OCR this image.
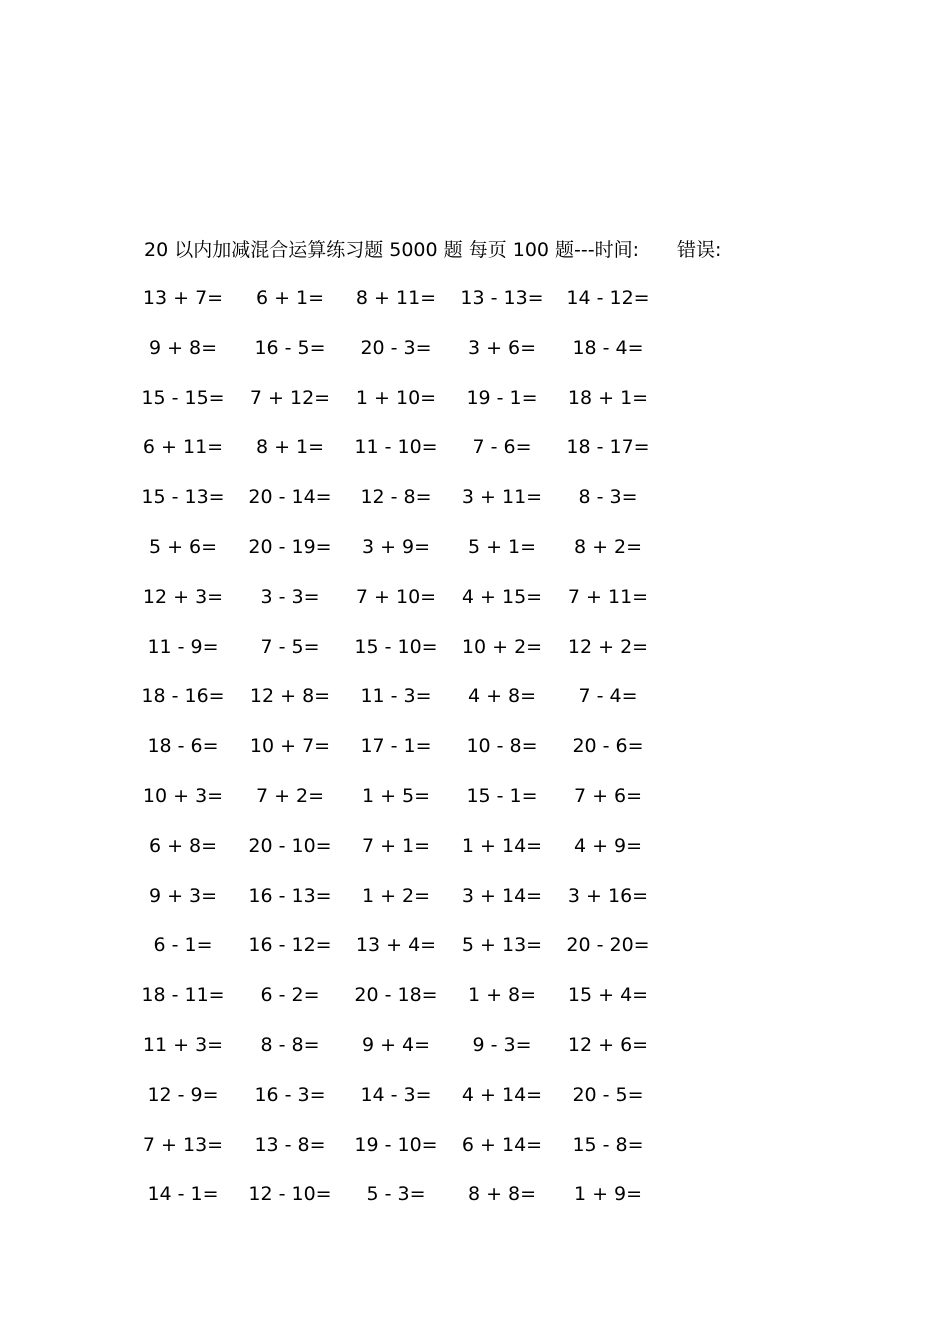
20 以内加减混合运算练习题 5000 题 每页 100 题---时间: 错误:
13 + 7=	6 + 1=	8 + 11= 13 - 13= 14 - 12=
9 + 8=	16 - 5=	20 - 3=	3 + 6=	18 - 4=
15 - 15= 7 + 12= 1 + 10=	19 - 1=	18 + 1=
6 + 11=	8 + 1=	11 - 10=	7 - 6=	18 - 17=
15 - 13= 20 - 14=	12 - 8=	3 + 11=	8 - 3=
5 + 6=	20 - 19=	3 + 9=	5 + 1=	8 + 2=
12 + 3=	3 - 3=	7 + 10= 4 + 15= 7 + 11=
11 - 9=	7 - 5=	15 - 10= 10 + 2= 12 + 2=
18 - 16= 12 + 8=	11 - 3=	4 + 8=	7 - 4=
18 - 6=	10 + 7=	17 - 1=	10 - 8=	20 - 6=
10 + 3=	7 + 2=	1 + 5=	15 - 1=	7 + 6=
6 + 8=	20 - 10=	7 + 1=	1 + 14=	4 + 9=
9 + 3=	16 - 13=	1 + 2=	3 + 14= 3 + 16=
6 - 1=	16 - 12= 13 + 4= 5 + 13= 20 - 20=
18 - 11=	6 - 2=	20 - 18=	1 + 8=	15 + 4=
11 + 3=	8 - 8=	9 + 4=	9 - 3=	12 + 6=
12 - 9=	16 - 3=	14 - 3=	4 + 14=	20 - 5=
7 + 13=	13 - 8=	19 - 10= 6 + 14=	15 - 8=
14 - 1=	12 - 10=	5 - 3=	8 + 8=	1 + 9=
